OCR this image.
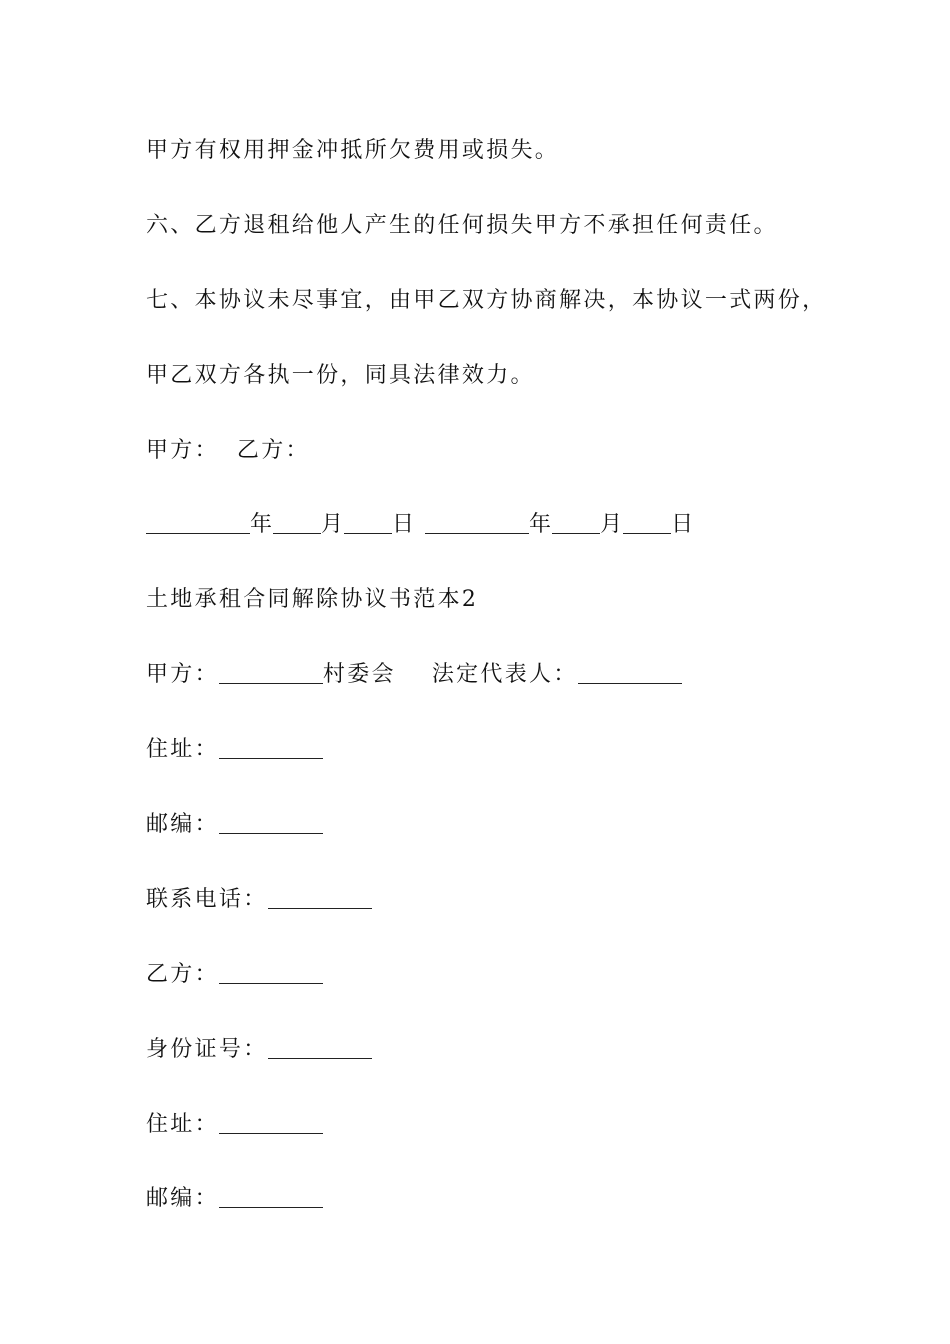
甲方有权用押金冲抵所欠费用或损失。
六、乙方退租给他人产生的任何损失甲方不承担任何责任。
七、本协议未尽事宜，由甲乙双方协商解决，本协议一式两份，
甲乙双方各执一份，同具法律效力。
甲方： 乙方：
年 月 日	年 月 日
土地承租合同解除协议书范本2
甲方：	村委会 法定代表人：
住址：
邮编：
联系电话：
乙方：
身份证号：
住址：
邮编：
